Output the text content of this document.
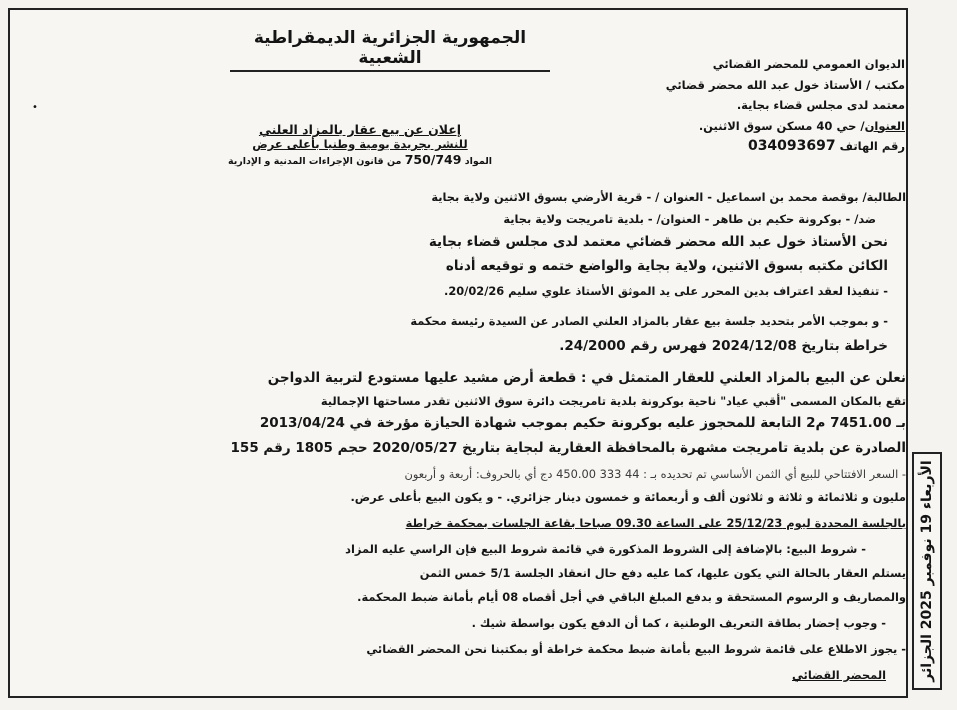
الجمهورية الجزائرية الديمقراطية الشعبية	الديوان العمومي للمحضر القضائي
مكتب / الأستاذ خول عبد الله محضر قضائي
معتمد لدى مجلس قضاء بجاية.
العنوان/ حي 40 مسكن سوق الاثنين.
رقم الهاتف 034093697
إعلان عن بيع عقار بالمزاد العلني
للنشر بجريدة يومية وطنيا بأعلى عرض
المواد 750/749 من قانون الإجراءات المدنية و الإدارية
•
الطالبة/ بوقصة محمد بن اسماعيل - العنوان / - قرية الأرضي بسوق الاثنين ولاية بجاية
ضد/ - بوكرونة حكيم بن طاهر - العنوان/ - بلدية تامريجت ولاية بجاية
نحن الأستاذ خول عبد الله محضر قضائي معتمد لدى مجلس قضاء بجاية
الكائن مكتبه بسوق الاثنين، ولاية بجاية والواضع ختمه و توقيعه أدناه
- تنفيذا لعقد اعتراف بدين المحرر على يد الموثق الأستاذ علوي سليم 20/02/26.
- و بموجب الأمر بتحديد جلسة بيع عقار بالمزاد العلني الصادر عن السيدة رئيسة محكمة
خراطة بتاريخ 2024/12/08 فهرس رقم 24/2000.
نعلن عن البيع بالمزاد العلني للعقار المتمثل في : قطعة أرض مشيد عليها مستودع لتربية الدواجن
تقع بالمكان المسمى "أقبي عياد" ناحية بوكرونة بلدية تامريجت دائرة سوق الاثنين تقدر مساحتها الإجمالية
بـ 7451.00 م2 التابعة للمحجوز عليه بوكرونة حكيم بموجب شهادة الحيازة مؤرخة في 2013/04/24
الصادرة عن بلدية تامريجت مشهرة بالمحافظة العقارية لبجاية بتاريخ 2020/05/27 حجم 1805 رقم 155
- السعر الافتتاحي للبيع أي الثمن الأساسي تم تحديده بـ : 44 333 450.00 دج أي بالحروف: أربعة و أربعون
مليون و ثلاثمائة و ثلاثة و ثلاثون ألف و أربعمائة و خمسون دينار جزائري. - و يكون البيع بأعلى عرض.
بالجلسة المحددة ليوم 25/12/23 على الساعة 09.30 صباحا بقاعة الجلسات بمحكمة خراطة
- شروط البيع: بالإضافة إلى الشروط المذكورة في قائمة شروط البيع فإن الراسي عليه المزاد
يستلم العقار بالحالة التي يكون عليها، كما عليه دفع حال انعقاد الجلسة 5/1 خمس الثمن
والمصاريف و الرسوم المستحقة و بدفع المبلغ الباقي في أجل أقصاه 08 أيام بأمانة ضبط المحكمة.
- وجوب إحضار بطاقة التعريف الوطنية ، كما أن الدفع يكون بواسطة شيك .
- يجوز الاطلاع على قائمة شروط البيع بأمانة ضبط محكمة خراطة أو بمكتبنا نحن المحضر القضائي
المحضر القضائي الأربعاء 19 نوفمبر 2025 الجزائر
